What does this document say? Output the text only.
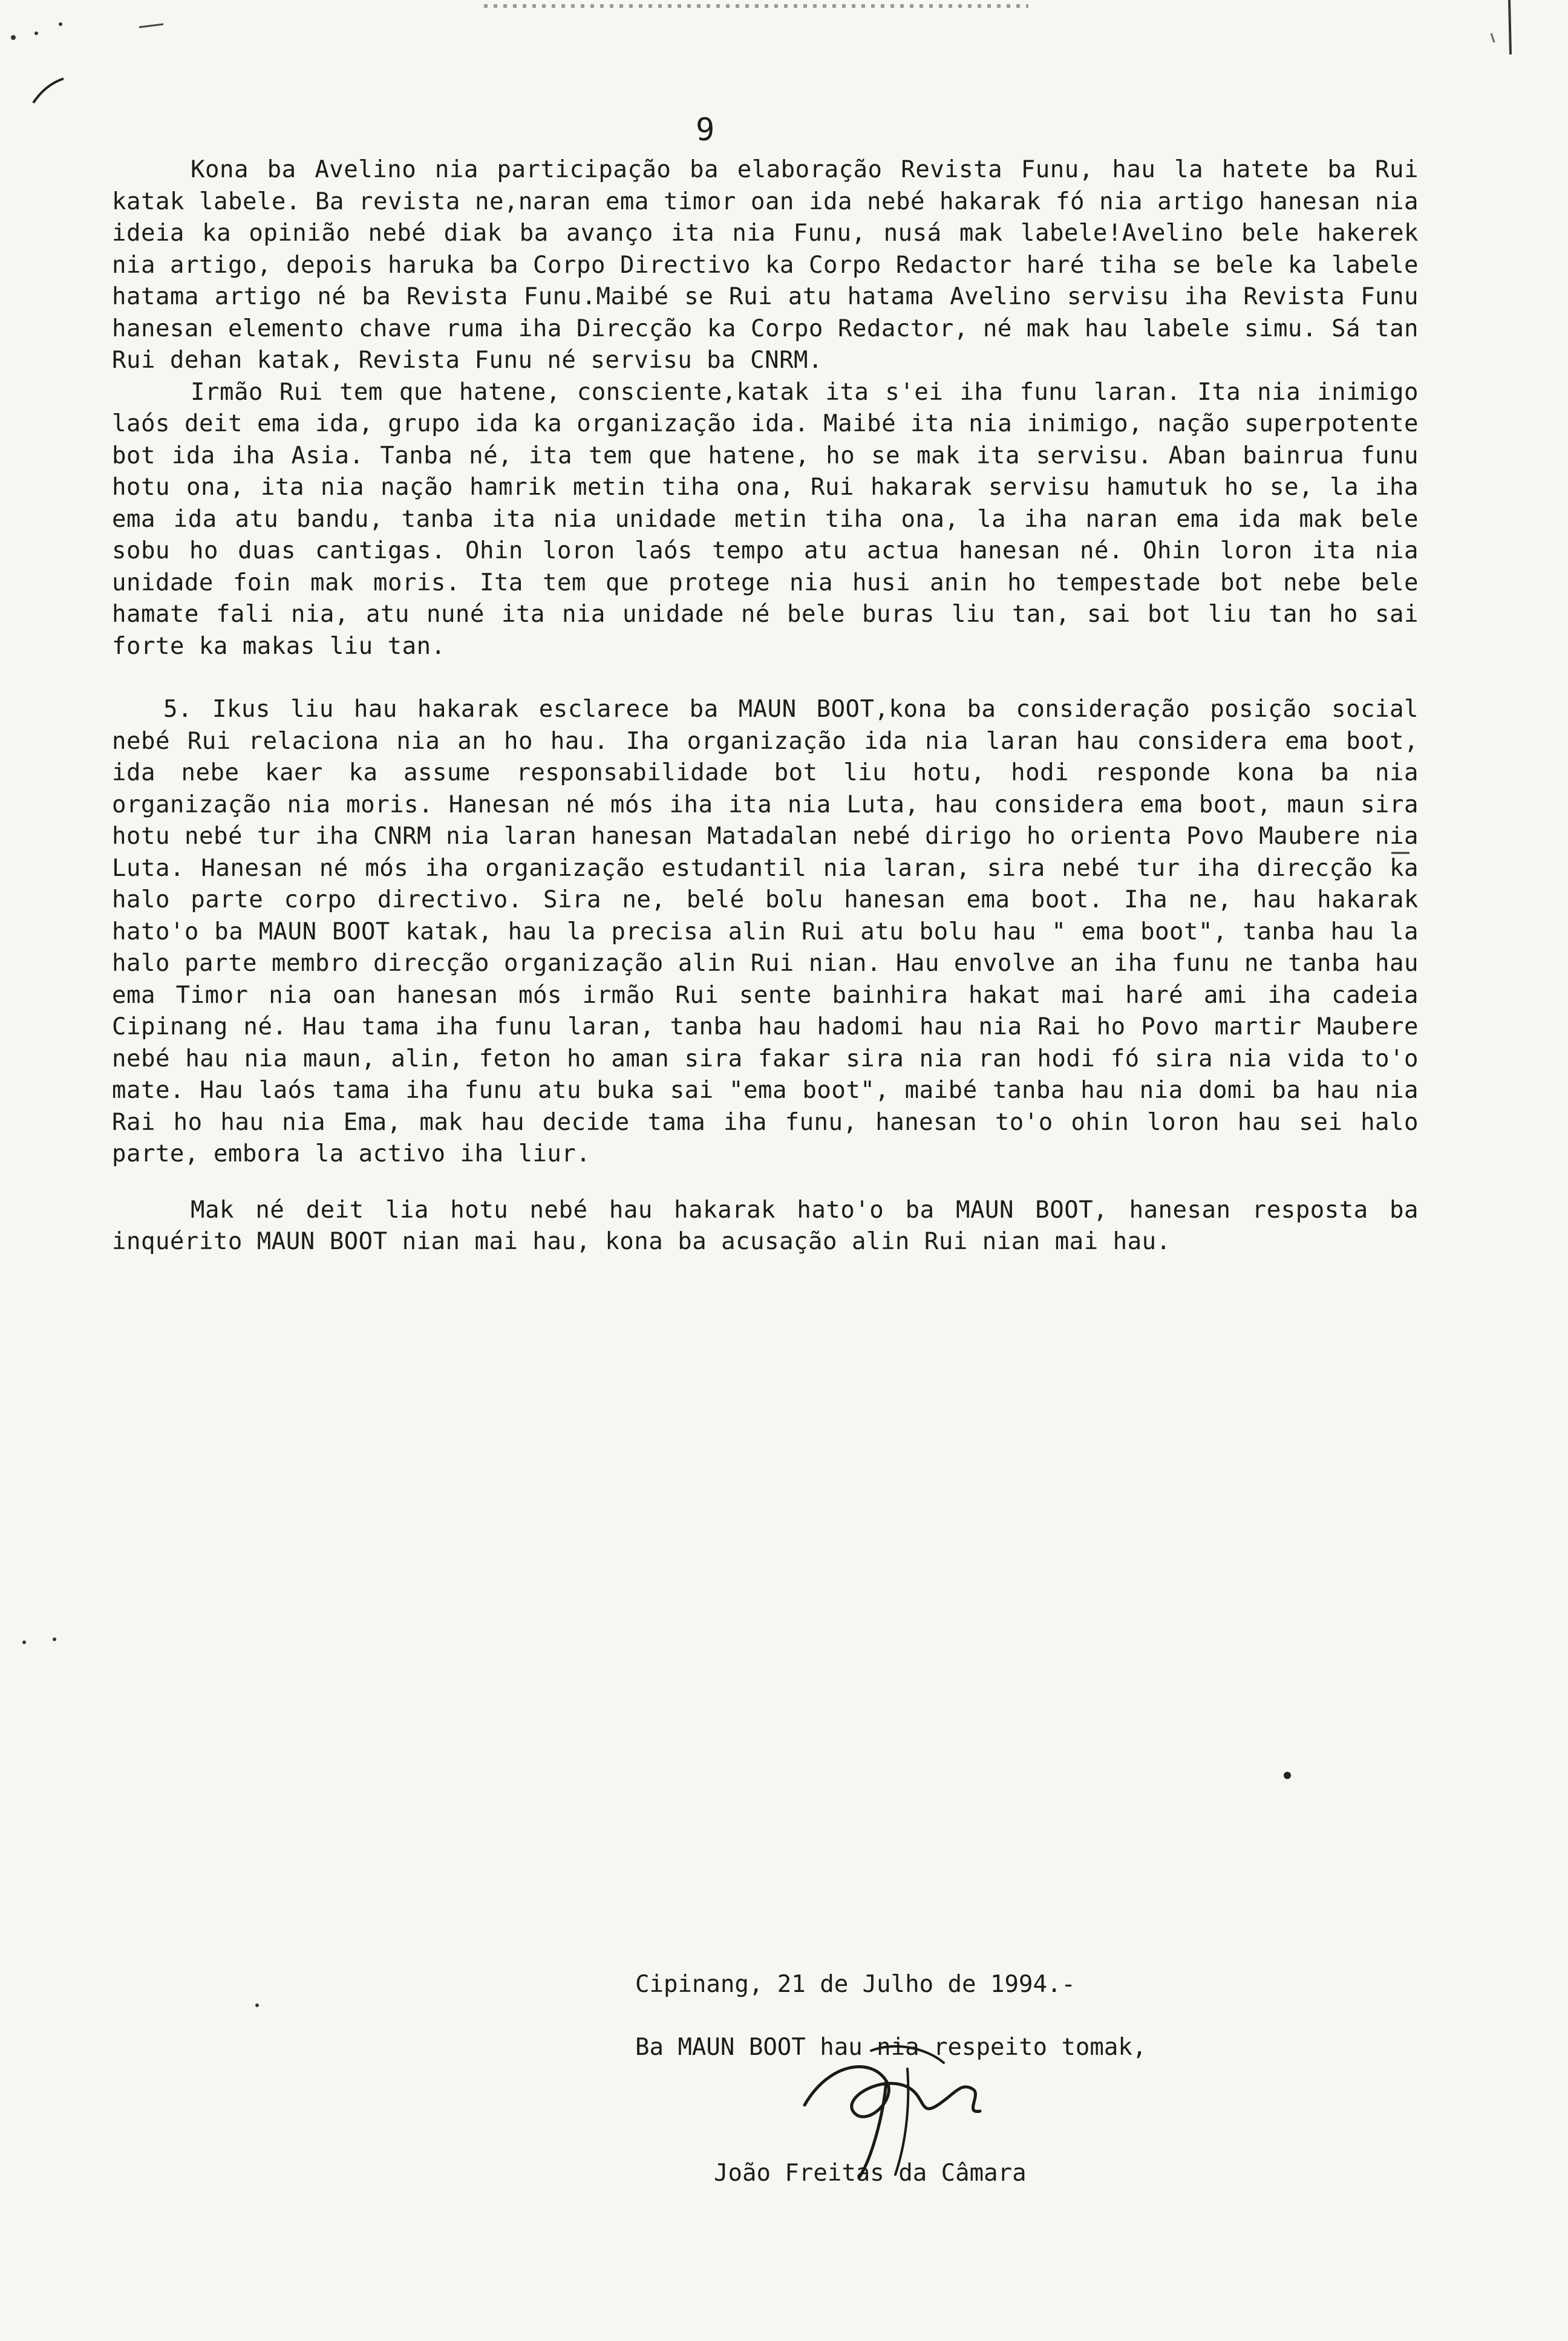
9

Kona ba Avelino nia participação ba elaboração Revista Funu, hau la hatete ba Rui katak labele. Ba revista ne,naran ema timor oan ida nebé hakarak fó nia artigo hanesan nia ideia ka opinião nebé diak ba avanço ita nia Funu, nusá mak labele!Avelino bele hakerek nia artigo, depois haruka ba Corpo Directivo ka Corpo Redactor haré tiha se bele ka labele hatama artigo né ba Revista Funu.Maibé se Rui atu hatama Avelino servisu iha Revista Funu hanesan elemento chave ruma iha Direcção ka Corpo Redactor, né mak hau labele simu. Sá tan Rui dehan katak, Revista Funu né servisu ba CNRM.

Irmão Rui tem que hatene, consciente,katak ita s'ei iha funu laran. Ita nia inimigo laós deit ema ida, grupo ida ka organização ida. Maibé ita nia inimigo, nação superpotente bot ida iha Asia. Tanba né, ita tem que hatene, ho se mak ita servisu. Aban bainrua funu hotu ona, ita nia nação hamrik metin tiha ona, Rui hakarak servisu hamutuk ho se, la iha ema ida atu bandu, tanba ita nia unidade metin tiha ona, la iha naran ema ida mak bele sobu ho duas cantigas. Ohin loron laós tempo atu actua hanesan né. Ohin loron ita nia unidade foin mak moris. Ita tem que protege nia husi anin ho tempestade bot nebe bele hamate fali nia, atu nuné ita nia unidade né bele buras liu tan, sai bot liu tan ho sai forte ka makas liu tan.

5. Ikus liu hau hakarak esclarece ba MAUN BOOT,kona ba consideração posição social nebé Rui relaciona nia an ho hau. Iha organização ida nia laran hau considera ema boot, ida nebe kaer ka assume responsabilidade bot liu hotu, hodi responde kona ba nia organização nia moris. Hanesan né mós iha ita nia Luta, hau considera ema boot, maun sira hotu nebé tur iha CNRM nia laran hanesan Matadalan nebé dirigo ho orienta Povo Maubere nia Luta. Hanesan né mós iha organização estudantil nia laran, sira nebé tur iha direcção ka halo parte corpo directivo. Sira ne, belé bolu hanesan ema boot. Iha ne, hau hakarak hato'o ba MAUN BOOT katak, hau la precisa alin Rui atu bolu hau " ema boot", tanba hau la halo parte membro direcção organização alin Rui nian. Hau envolve an iha funu ne tanba hau ema Timor nia oan hanesan mós irmão Rui sente bainhira hakat mai haré ami iha cadeia Cipinang né. Hau tama iha funu laran, tanba hau hadomi hau nia Rai ho Povo martir Maubere nebé hau nia maun, alin, feton ho aman sira fakar sira nia ran hodi fó sira nia vida to'o mate. Hau laós tama iha funu atu buka sai "ema boot", maibé tanba hau nia domi ba hau nia Rai ho hau nia Ema, mak hau decide tama iha funu, hanesan to'o ohin loron hau sei halo parte, embora la activo iha liur.

Mak né deit lia hotu nebé hau hakarak hato'o ba MAUN BOOT, hanesan resposta ba inquérito MAUN BOOT nian mai hau, kona ba acusação alin Rui nian mai hau.

Cipinang, 21 de Julho de 1994.-
Ba MAUN BOOT hau nia respeito tomak,
João Freitas da Câmara
